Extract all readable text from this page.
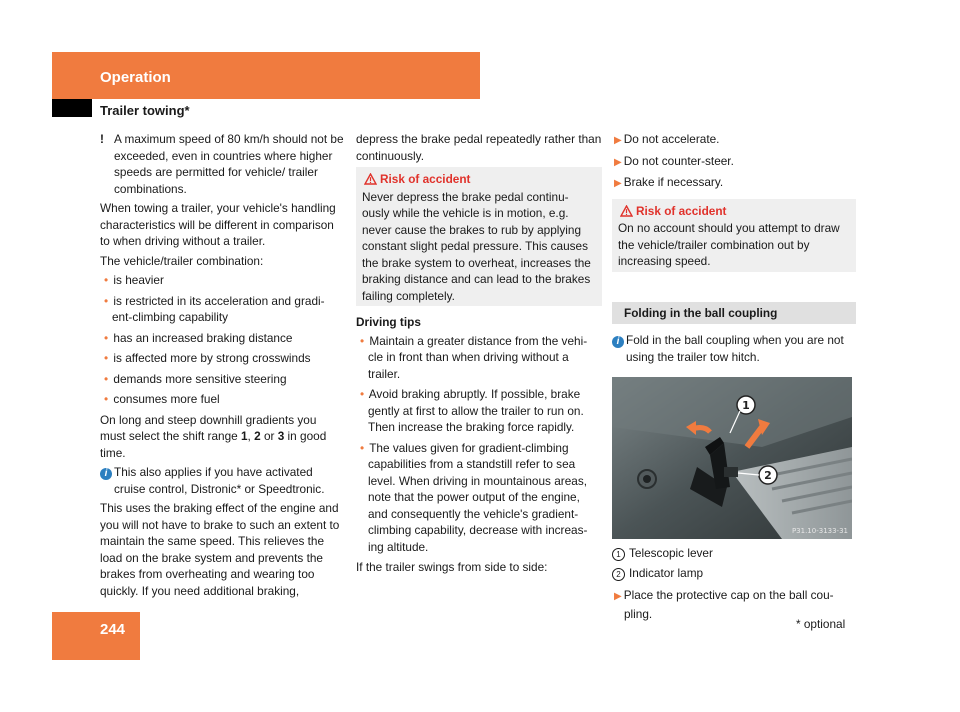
Operation
Trailer towing*

! A maximum speed of 80 km/h should not be exceeded, even in countries where higher speeds are permitted for vehicle/ trailer combinations.

When towing a trailer, your vehicle's handling characteristics will be different in comparison to when driving without a trailer.

The vehicle/trailer combination:

• is heavier
• is restricted in its acceleration and gradi- ent-climbing capability
• has an increased braking distance
• is affected more by strong crosswinds
• demands more sensitive steering
• consumes more fuel

On long and steep downhill gradients you must select the shift range 1, 2 or 3 in good time.

i This also applies if you have activated cruise control, Distronic* or Speedtronic.

This uses the braking effect of the engine and you will not have to brake to such an extent to maintain the same speed. This relieves the load on the brake system and prevents the brakes from overheating and wearing too quickly. If you need additional braking,

depress the brake pedal repeatedly rather than continuously.

Risk of accident
Never depress the brake pedal continu- ously while the vehicle is in motion, e.g. never cause the brakes to rub by applying constant slight pedal pressure. This causes the brake system to overheat, increases the braking distance and can lead to the brakes failing completely.
Driving tips
• Maintain a greater distance from the vehi- cle in front than when driving without a trailer.
• Avoid braking abruptly. If possible, brake gently at first to allow the trailer to run on. Then increase the braking force rapidly.
• The values given for gradient-climbing capabilities from a standstill refer to sea level. When driving in mountainous areas, note that the power output of the engine, and consequently the vehicle's gradient- climbing capability, decrease with increas- ing altitude.

If the trailer swings from side to side:

▶ Do not accelerate.
▶ Do not counter-steer.
▶ Brake if necessary.
Risk of accident
On no account should you attempt to draw the vehicle/trailer combination out by increasing speed.
Folding in the ball coupling

i Fold in the ball coupling when you are not using the trailer tow hitch.

1
2
P31.10-3133-31
1 Telescopic lever
2 Indicator lamp
▶ Place the protective cap on the ball cou- pling.
244	* optional
